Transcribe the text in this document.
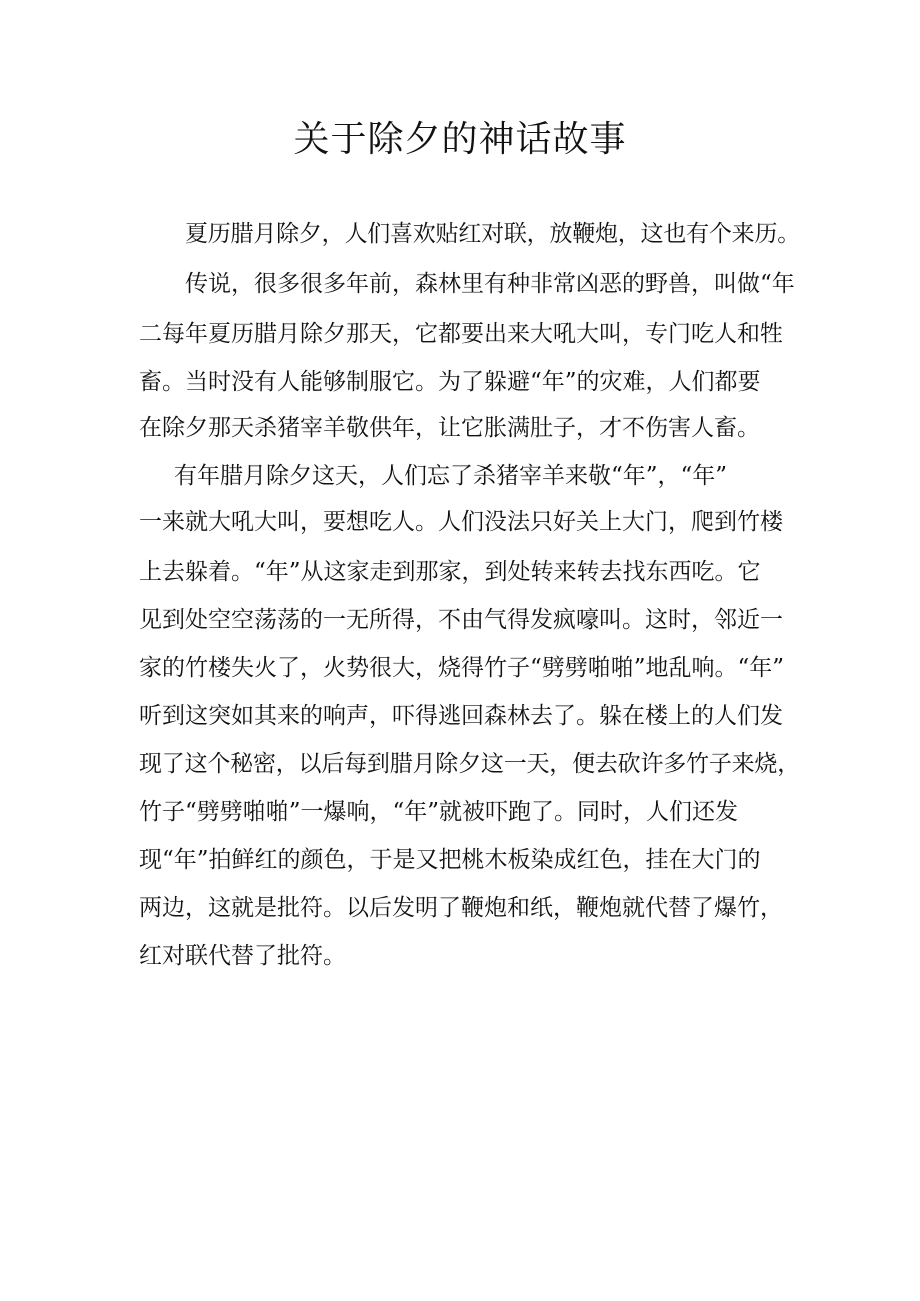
关于除夕的神话故事

夏历腊月除夕，人们喜欢贴红对联，放鞭炮，这也有个来历。

传说，很多很多年前，森林里有种非常凶恶的野兽，叫做“年

二每年夏历腊月除夕那天，它都要出来大吼大叫，专门吃人和牲

畜。当时没有人能够制服它。为了躲避“年”的灾难，人们都要

在除夕那天杀猪宰羊敬供年，让它胀满肚子，才不伤害人畜。

有年腊月除夕这天，人们忘了杀猪宰羊来敬“年”，“年”

一来就大吼大叫，要想吃人。人们没法只好关上大门，爬到竹楼

上去躲着。“年”从这家走到那家，到处转来转去找东西吃。它

见到处空空荡荡的一无所得，不由气得发疯嚎叫。这时，邻近一

家的竹楼失火了，火势很大，烧得竹子“劈劈啪啪”地乱响。“年”

听到这突如其来的响声，吓得逃回森林去了。躲在楼上的人们发

现了这个秘密，以后每到腊月除夕这一天，便去砍许多竹子来烧，

竹子“劈劈啪啪”一爆响，“年”就被吓跑了。同时，人们还发

现“年”拍鲜红的颜色，于是又把桃木板染成红色，挂在大门的

两边，这就是批符。以后发明了鞭炮和纸，鞭炮就代替了爆竹，

红对联代替了批符。
